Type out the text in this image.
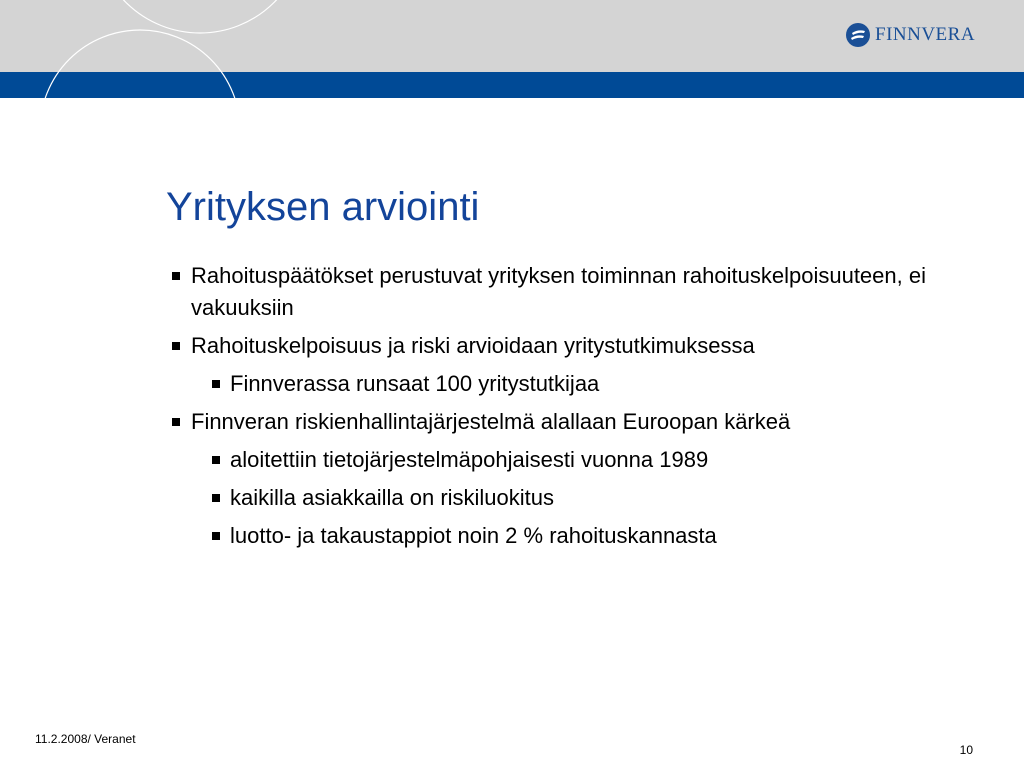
FINNVERA
Yrityksen arviointi
Rahoituspäätökset perustuvat yrityksen toiminnan rahoituskelpoisuuteen, ei vakuuksiin
Rahoituskelpoisuus ja riski arvioidaan yritystutkimuksessa
Finnverassa runsaat 100 yritystutkijaa
Finnveran riskienhallintajärjestelmä alallaan Euroopan kärkeä
aloitettiin tietojärjestelmäpohjaisesti vuonna 1989
kaikilla asiakkailla on riskiluokitus
luotto- ja takaustappiot noin 2 % rahoituskannasta
11.2.2008/ Veranet
10
